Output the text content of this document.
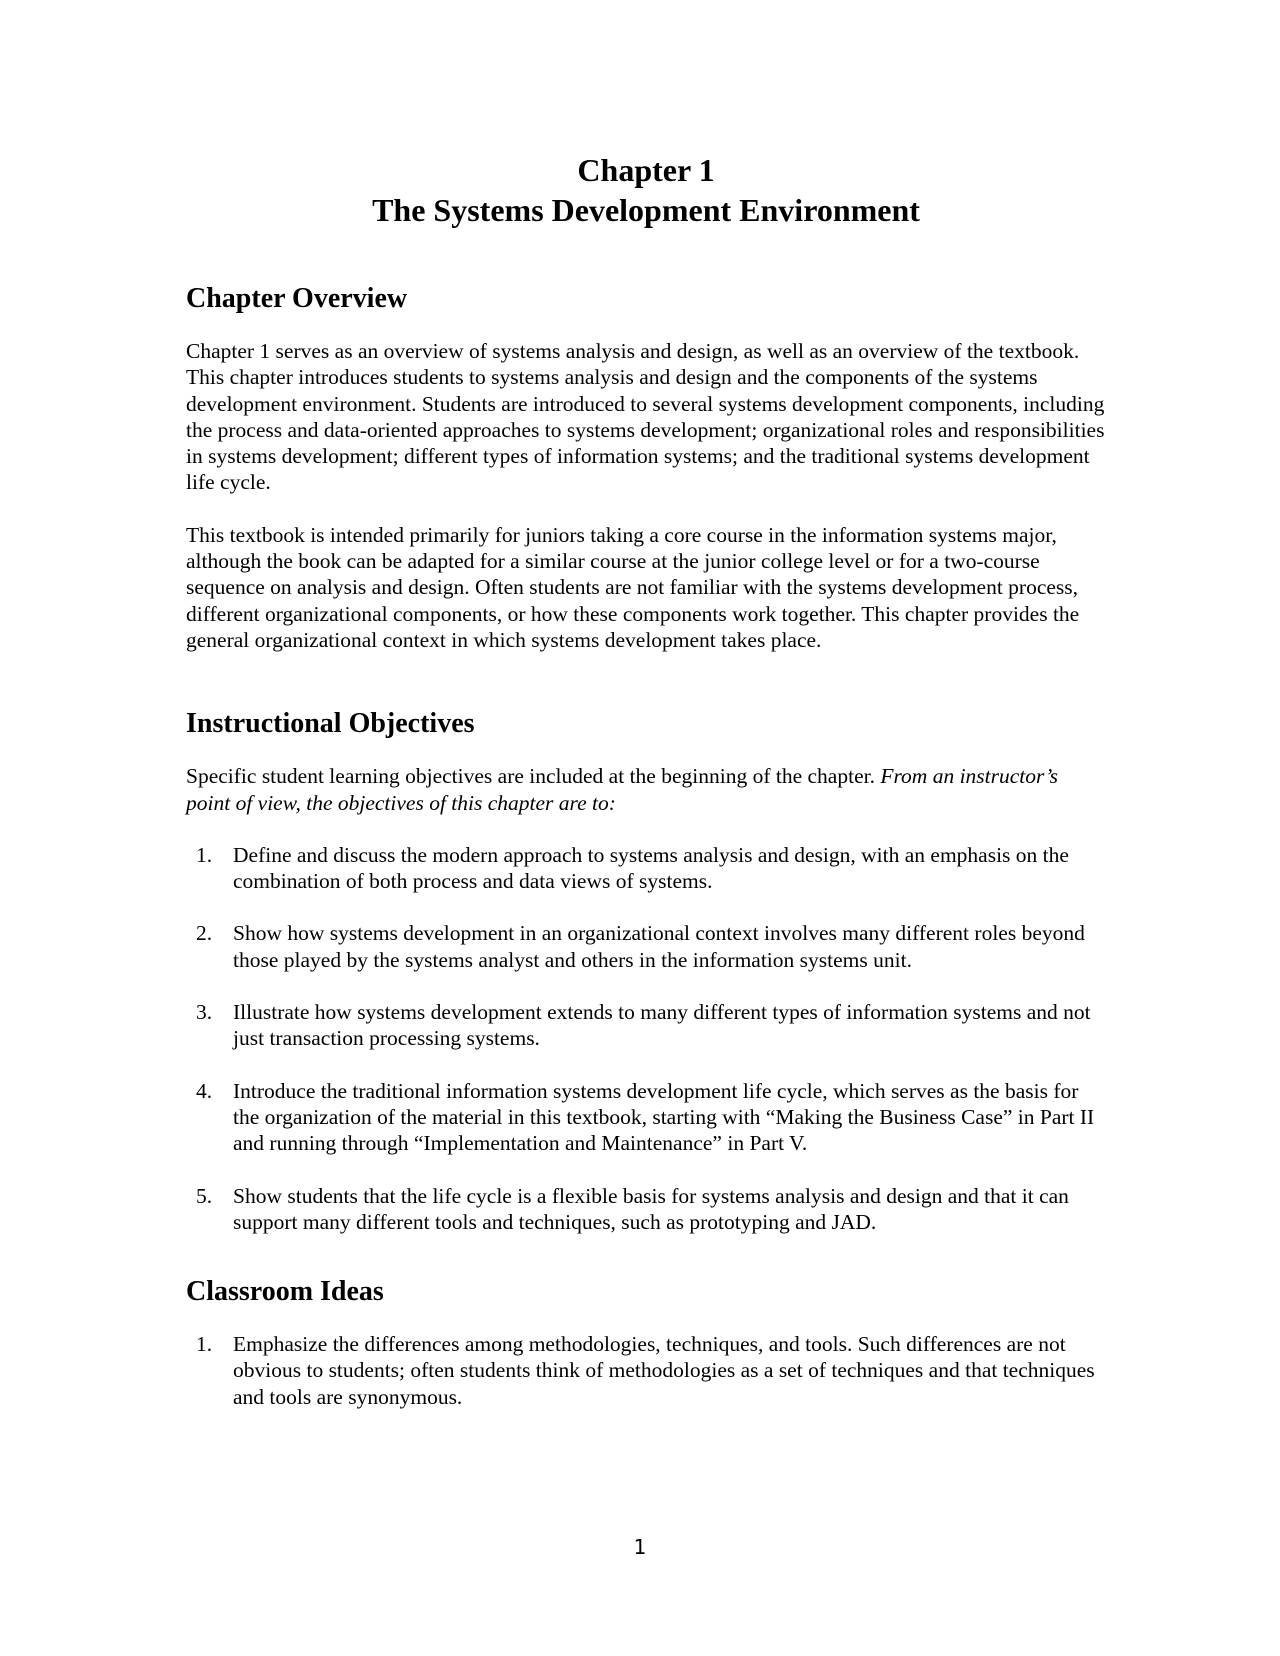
Chapter 1
The Systems Development Environment
Chapter Overview

Chapter 1 serves as an overview of systems analysis and design, as well as an overview of the textbook. This chapter introduces students to systems analysis and design and the components of the systems development environment. Students are introduced to several systems development components, including the process and data-oriented approaches to systems development; organizational roles and responsibilities in systems development; different types of information systems; and the traditional systems development life cycle.

This textbook is intended primarily for juniors taking a core course in the information systems major, although the book can be adapted for a similar course at the junior college level or for a two-course sequence on analysis and design. Often students are not familiar with the systems development process, different organizational components, or how these components work together. This chapter provides the general organizational context in which systems development takes place.

Instructional Objectives

Specific student learning objectives are included at the beginning of the chapter. From an instructor’s point of view, the objectives of this chapter are to:

1. Define and discuss the modern approach to systems analysis and design, with an emphasis on the combination of both process and data views of systems.
2. Show how systems development in an organizational context involves many different roles beyond those played by the systems analyst and others in the information systems unit.
3. Illustrate how systems development extends to many different types of information systems and not just transaction processing systems.
4. Introduce the traditional information systems development life cycle, which serves as the basis for the organization of the material in this textbook, starting with “Making the Business Case” in Part II and running through “Implementation and Maintenance” in Part V.
5. Show students that the life cycle is a flexible basis for systems analysis and design and that it can support many different tools and techniques, such as prototyping and JAD.
Classroom Ideas
1. Emphasize the differences among methodologies, techniques, and tools. Such differences are not obvious to students; often students think of methodologies as a set of techniques and that techniques and tools are synonymous.
1
